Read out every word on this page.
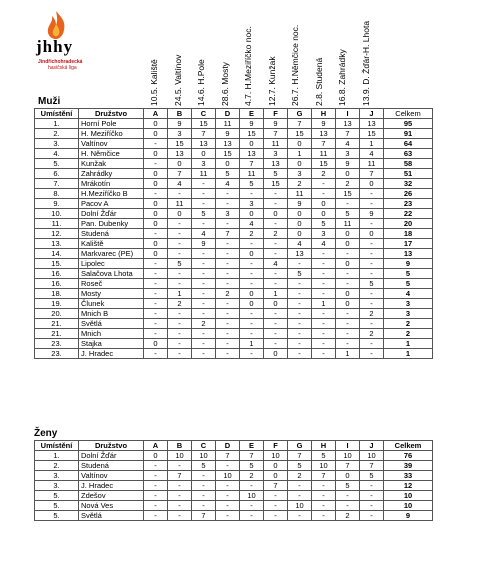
jhhy
Jindřichohradecká
hasičská liga	10.5. Kaliště 24.5. Valtínov 14.6. H.Pole 28.6. Mosty 4.7. H.Meziříčko noc. 12.7. Kunžak 26.7. H.Němčice noc. 2.8. Studená 16.8. Zahrádky 13.9. D. Žďár-H. Lhota
Muži
Umístění	Družstvo	A	B	C	D	E	F	G	H	I	J	Celkem
1.	Horní Pole	0	9	15	11	9	9	7	9	13	13	95
2.	H. Meziříčko	0	3	7	9	15	7	15	13	7	15	91
3.	Valtínov	-	15	13	13	0	11	0	7	4	1	64
4.	H. Němčice	0	13	0	15	13	3	1	11	3	4	63
5.	Kunžak	-	0	3	0	7	13	0	15	9	11	58
6.	Zahrádky	0	7	11	5	11	5	3	2	0	7	51
7.	Mrákotín	0	4	-	4	5	15	2	-	2	0	32
8.	H.Meziříčko B	-	-	-	-	-	-	11	-	15	-	26
9.	Pacov A	0	11	-	-	3	-	9	0	-	-	23
10.	Dolní Žďár	0	0	5	3	0	0	0	0	5	9	22
11.	Pan. Dubenky	0	-	-	-	4	-	0	5	11	-	20
12.	Studená	-	-	4	7	2	2	0	3	0	0	18
13.	Kaliště	0	-	9	-	-	-	4	4	0	-	17
14.	Markvarec (PE)	0	-	-	-	0	-	13	-	-	-	13
15.	Lipolec	-	5	-	-	-	4	-	-	0	-	9
16.	Salačova Lhota	-	-	-	-	-	-	5	-	-	-	5
16.	Roseč	-	-	-	-	-	-	-	-	-	5	5
18.	Mosty	-	1	-	2	0	1	-	-	0	-	4
19.	Člunek	-	2	-	-	0	0	-	1	0	-	3
20.	Mnich B	-	-	-	-	-	-	-	-	-	2	3
21.	Světlá	-	-	2	-	-	-	-	-	-	-	2
21.	Mnich	-	-	-	-	-	-	-	-	-	2	2
23.	Stajka	0	-	-	-	1	-	-	-	-	-	1
23.	J. Hradec	-	-	-	-	-	0	-	-	1	-	1
Ženy
Umístění	Družstvo	A	B	C	D	E	F	G	H	I	J	Celkem
1.	Dolní Žďár	0	10	10	7	7	10	7	5	10	10	76
2.	Studená	-	-	5	-	5	0	5	10	7	7	39
3.	Valtínov	-	7	-	10	2	0	2	7	0	5	33
3.	J. Hradec	-	-	-	-	-	7	-	-	5	-	12
5.	Zdešov	-	-	-	-	10	-	-	-	-	-	10
5.	Nová Ves	-	-	-	-	-	-	10	-	-	-	10
5.	Světlá	-	-	7	-	-	-	-	-	2	-	9
